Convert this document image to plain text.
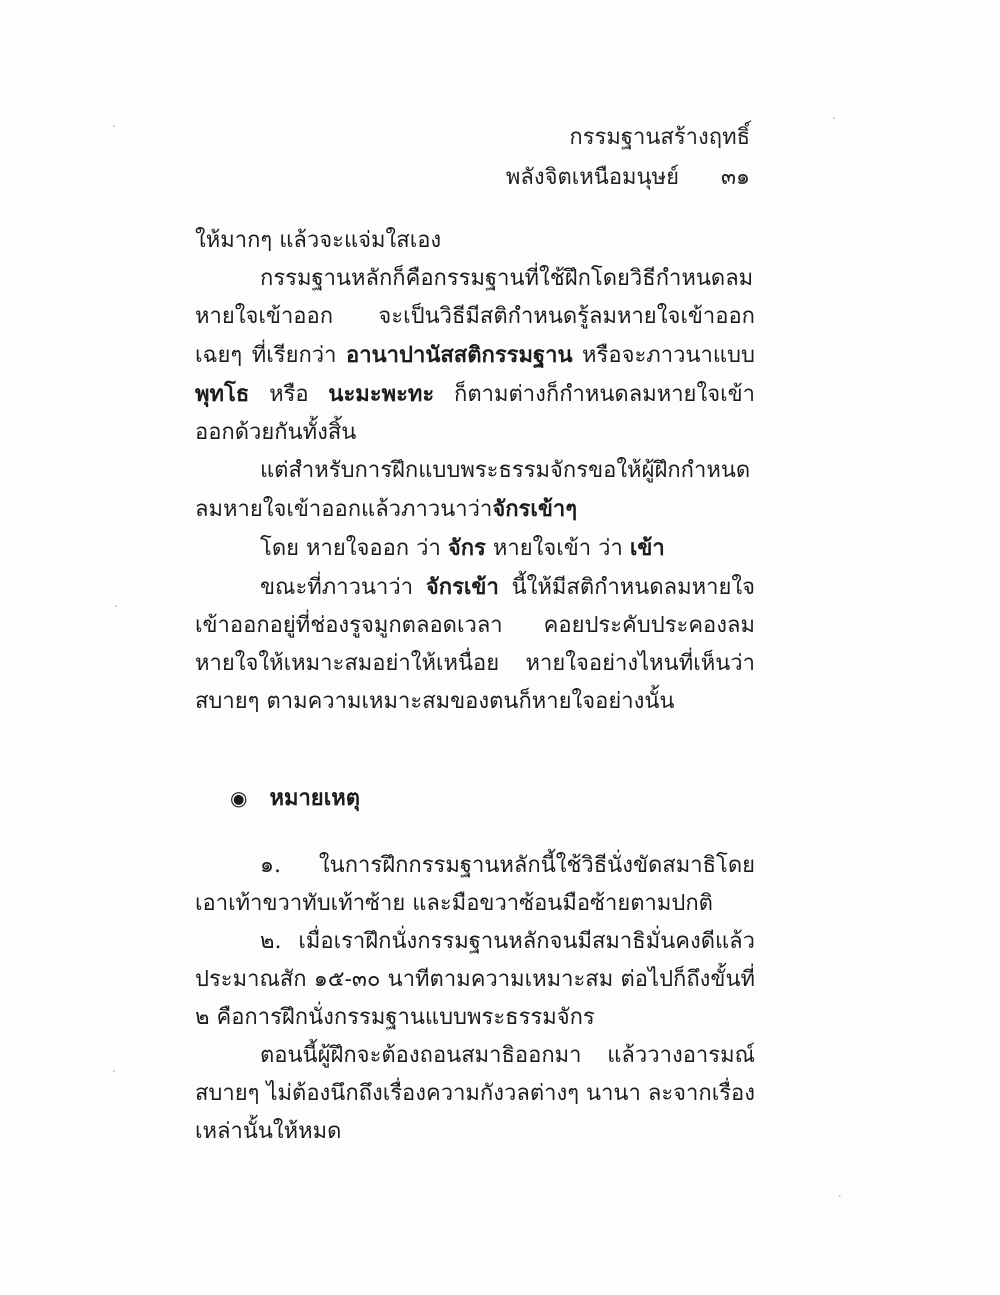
กรรมฐานสร้างฤทธิ์
พลังจิตเหนือมนุษย์ ๓๑

ให้มากๆ แล้วจะแจ่มใสเอง

กรรมฐานหลักก็คือกรรมฐานที่ใช้ฝึกโดยวิธีกำหนดลมหายใจเข้าออก จะเป็นวิธีมีสติกำหนดรู้ลมหายใจเข้าออกเฉยๆ ที่เรียกว่า อานาปานัสสติกรรมฐาน หรือจะภาวนาแบบ พุทโธ หรือ นะมะพะทะ ก็ตามต่างก็กำหนดลมหายใจเข้าออกด้วยกันทั้งสิ้น

แต่สำหรับการฝึกแบบพระธรรมจักรขอให้ผู้ฝึกกำหนดลมหายใจเข้าออกแล้วภาวนาว่าจักรเข้าๆ

โดย หายใจออก ว่า จักร หายใจเข้า ว่า เข้า

ขณะที่ภาวนาว่า จักรเข้า นี้ให้มีสติกำหนดลมหายใจเข้าออกอยู่ที่ช่องรูจมูกตลอดเวลา คอยประคับประคองลมหายใจให้เหมาะสมอย่าให้เหนื่อย หายใจอย่างไหนที่เห็นว่าสบายๆ ตามความเหมาะสมของตนก็หายใจอย่างนั้น

◉ หมายเหตุ

๑. ในการฝึกกรรมฐานหลักนี้ใช้วิธีนั่งขัดสมาธิโดยเอาเท้าขวาทับเท้าซ้าย และมือขวาซ้อนมือซ้ายตามปกติ

๒. เมื่อเราฝึกนั่งกรรมฐานหลักจนมีสมาธิมั่นคงดีแล้วประมาณสัก ๑๕-๓๐ นาทีตามความเหมาะสม ต่อไปก็ถึงขั้นที่ ๒ คือการฝึกนั่งกรรมฐานแบบพระธรรมจักร

ตอนนี้ผู้ฝึกจะต้องถอนสมาธิออกมา แล้ววางอารมณ์สบายๆ ไม่ต้องนึกถึงเรื่องความกังวลต่างๆ นานา ละจากเรื่องเหล่านั้นให้หมด

·
·
·
·
·
